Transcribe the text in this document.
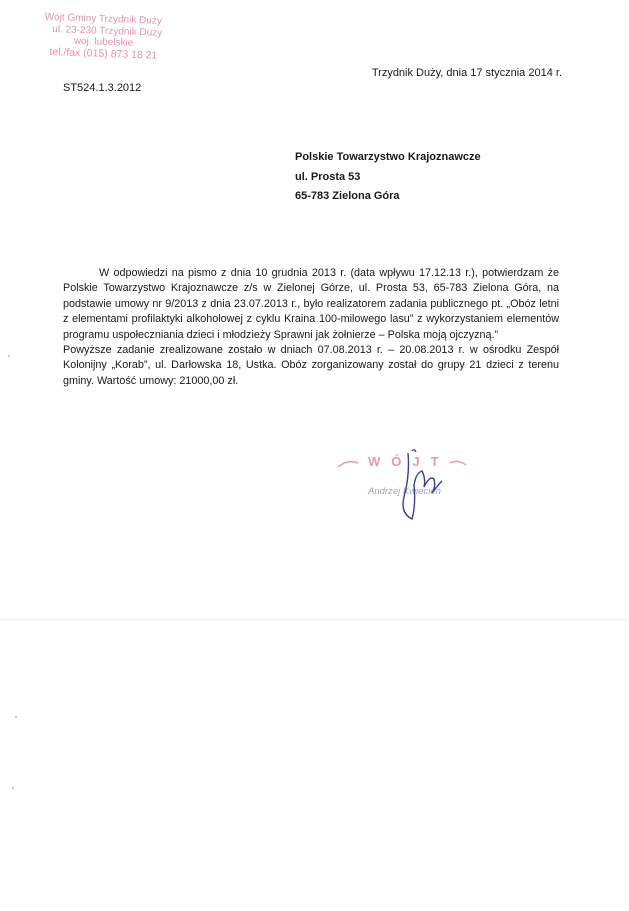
Wójt Gminy Trzydnik Duży
ul. 23-230 Trzydnik Duży
woj. lubelskie
tel./fax (015) 873 18 21
Trzydnik Duży, dnia 17 stycznia 2014 r.
ST524.1.3.2012
Polskie Towarzystwo Krajoznawcze
ul. Prosta 53
65-783 Zielona Góra

W odpowiedzi na pismo z dnia 10 grudnia 2013 r. (data wpływu 17.12.13 r.), potwierdzam że Polskie Towarzystwo Krajoznawcze z/s w Zielonej Górze, ul. Prosta 53, 65-783 Zielona Góra, na podstawie umowy nr 9/2013 z dnia 23.07.2013 r., było realizatorem zadania publicznego pt. „Obóz letni z elementami profilaktyki alkoholowej z cyklu Kraina 100-milowego lasu” z wykorzystaniem elementów programu uspołeczniania dzieci i młodzieży Sprawni jak żołnierze – Polska moją ojczyzną.”

Powyższe zadanie zrealizowane zostało w dniach 07.08.2013 r. – 20.08.2013 r. w ośrodku Zespół Kolonijny „Korab”, ul. Darłowska 18, Ustka. Obóz zorganizowany został do grupy 21 dzieci z terenu gminy. Wartość umowy: 21000,00 zł.

WÓJT
Andrzej Kwiecień
